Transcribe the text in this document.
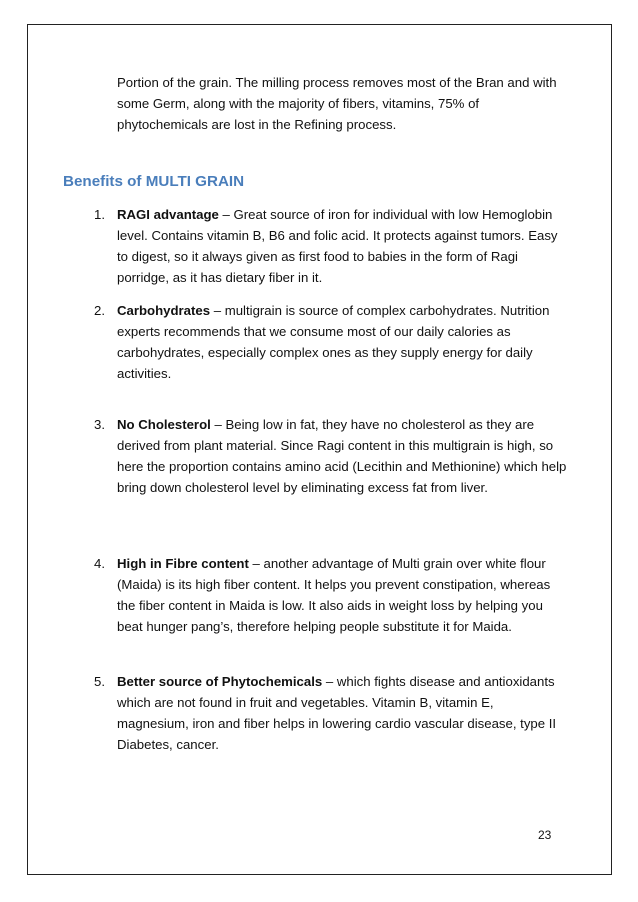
Portion of the grain. The milling process removes most of the Bran and with some Germ, along with the majority of fibers, vitamins, 75% of phytochemicals are lost in the Refining process.

Benefits of MULTI GRAIN
1. RAGI advantage – Great source of iron for individual with low Hemoglobin level. Contains vitamin B, B6 and folic acid. It protects against tumors. Easy to digest, so it always given as first food to babies in the form of Ragi porridge, as it has dietary fiber in it.
2. Carbohydrates – multigrain is source of complex carbohydrates. Nutrition experts recommends that we consume most of our daily calories as carbohydrates, especially complex ones as they supply energy for daily activities.
3. No Cholesterol – Being low in fat, they have no cholesterol as they are derived from plant material. Since Ragi content in this multigrain is high, so here the proportion contains amino acid (Lecithin and Methionine) which help bring down cholesterol level by eliminating excess fat from liver.
4. High in Fibre content – another advantage of Multi grain over white flour (Maida) is its high fiber content. It helps you prevent constipation, whereas the fiber content in Maida is low. It also aids in weight loss by helping you beat hunger pang’s, therefore helping people substitute it for Maida.
5. Better source of Phytochemicals – which fights disease and antioxidants which are not found in fruit and vegetables. Vitamin B, vitamin E, magnesium, iron and fiber helps in lowering cardio vascular disease, type II Diabetes, cancer.
23
